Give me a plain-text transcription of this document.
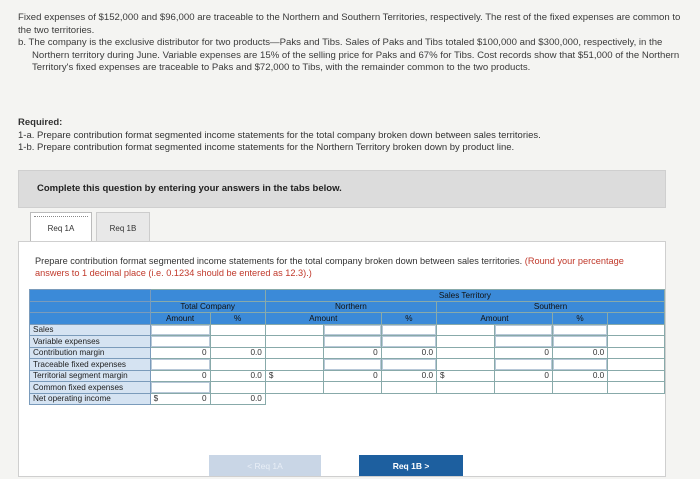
Fixed expenses of $152,000 and $96,000 are traceable to the Northern and Southern Territories, respectively. The rest of the fixed expenses are common to the two territories.

b. The company is the exclusive distributor for two products—Paks and Tibs. Sales of Paks and Tibs totaled $100,000 and $300,000, respectively, in the Northern territory during June. Variable expenses are 15% of the selling price for Paks and 67% for Tibs. Cost records show that $51,000 of the Northern Territory's fixed expenses are traceable to Paks and $72,000 to Tibs, with the remainder common to the two products.

Required:

1-a. Prepare contribution format segmented income statements for the total company broken down between sales territories.

1-b. Prepare contribution format segmented income statements for the Northern Territory broken down by product line.

Complete this question by entering your answers in the tabs below.
Req 1A	Req 1B
Prepare contribution format segmented income statements for the total company broken down between sales territories. (Round your percentage answers to 1 decimal place (i.e. 0.1234 should be entered as 12.3).)
			Sales Territory						
	Total Company		Northern			Southern			
	Amount	%	Amount		%	Amount		%	
Sales									
Variable expenses									
Contribution margin	0	0.0		0	0.0		0	0.0	
Traceable fixed expenses									
Territorial segment margin	0	0.0	$	0	0.0	$	0	0.0	
Common fixed expenses									
Net operating income	$ 0	0.0							
< Req 1A	Req 1B >
